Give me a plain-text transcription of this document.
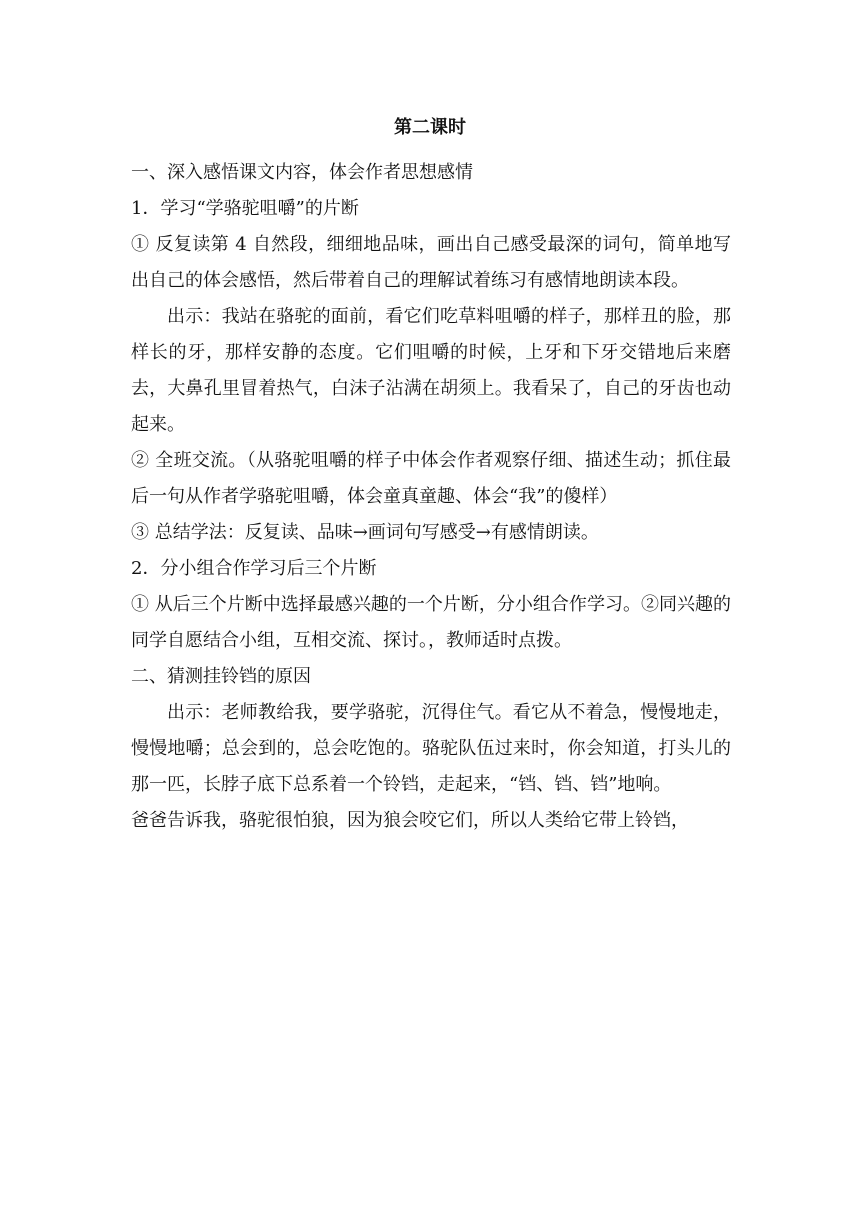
第二课时

一、深入感悟课文内容，体会作者思想感情

1．学习“学骆驼咀嚼”的片断

① 反复读第 4 自然段，细细地品味，画出自己感受最深的词句，简单地写出自己的体会感悟，然后带着自己的理解试着练习有感情地朗读本段。

出示：我站在骆驼的面前，看它们吃草料咀嚼的样子，那样丑的脸，那样长的牙，那样安静的态度。它们咀嚼的时候，上牙和下牙交错地后来磨去，大鼻孔里冒着热气，白沫子沾满在胡须上。我看呆了，自己的牙齿也动起来。

② 全班交流。（从骆驼咀嚼的样子中体会作者观察仔细、描述生动；抓住最后一句从作者学骆驼咀嚼，体会童真童趣、体会“我”的傻样）

③ 总结学法：反复读、品味→画词句写感受→有感情朗读。

2．分小组合作学习后三个片断

① 从后三个片断中选择最感兴趣的一个片断，分小组合作学习。②同兴趣的同学自愿结合小组，互相交流、探讨。，教师适时点拨。

二、猜测挂铃铛的原因

出示：老师教给我，要学骆驼，沉得住气。看它从不着急，慢慢地走，慢慢地嚼；总会到的，总会吃饱的。骆驼队伍过来时，你会知道，打头儿的那一匹，长脖子底下总系着一个铃铛，走起来，“铛、铛、铛”地响。

爸爸告诉我，骆驼很怕狼，因为狼会咬它们，所以人类给它带上铃铛，
